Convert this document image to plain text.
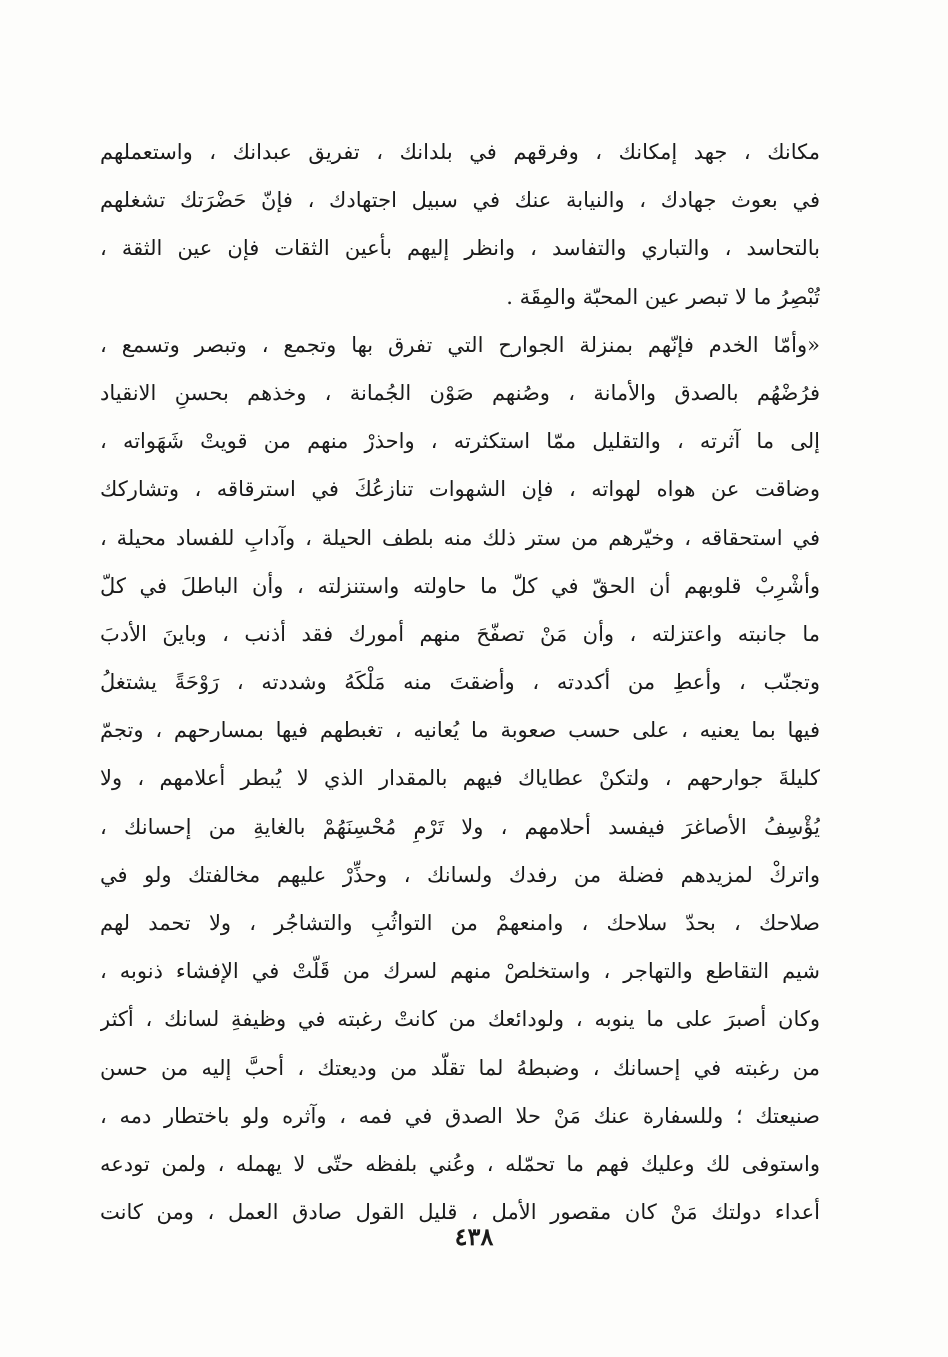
مكانك ، جهد إمكانك ، وفرقهم في بلدانك ، تفريق عبدانك ، واستعملهم
في بعوث جهادك ، والنيابة عنك في سبيل اجتهادك ، فإنّ حَضْرَتك تشغلهم
بالتحاسد ، والتباري والتفاسد ، وانظر إليهم بأعين الثقات فإن عين الثقة ،
تُبْصِرُ ما لا تبصر عين المحبّة والمِقَة .
«وأمّا الخدم فإنّهم بمنزلة الجوارح التي تفرق بها وتجمع ، وتبصر وتسمع ،
فرُضْهُم بالصدق والأمانة ، وصُنهم صَوْن الجُمانة ، وخذهم بحسنِ الانقياد
إلى ما آثرته ، والتقليل ممّا استكثرته ، واحذرْ منهم من قويتْ شَهَواته ،
وضاقت عن هواه لهواته ، فإن الشهوات تنازعُكَ في استرقاقه ، وتشاركك
في استحقاقه ، وخيّرهم من ستر ذلك منه بلطف الحيلة ، وآدابِ للفساد محيلة ،
وأشْرِبْ قلوبهم أن الحقّ في كلّ ما حاولته واستنزلته ، وأن الباطلَ في كلّ
ما جانبته واعتزلته ، وأن مَنْ تصفّحَ منهم أمورك فقد أذنب ، وباينَ الأدبَ
وتجنّب ، وأعطِ من أكددته ، وأضقتَ منه مَلْكَهُ وشددته ، رَوْحَةً يشتغلُ
فيها بما يعنيه ، على حسب صعوبة ما يُعانيه ، تغبطهم فيها بمسارحهم ، وتجمّ
كليلةَ جوارحهم ، ولتكنْ عطاياك فيهم بالمقدار الذي لا يُبطر أعلامهم ، ولا
يُؤْسِفُ الأصاغرَ فيفسد أحلامهم ، ولا تَرْمِ مُحْسِنَهُمْ بالغايةِ من إحسانك ،
واتركْ لمزيدهم فضلة من رفدك ولسانك ، وحذِّرْ عليهم مخالفتك ولو في
صلاحك ، بحدّ سلاحك ، وامنعهمْ من التواثُبِ والتشاجُر ، ولا تحمد لهم
شيم التقاطع والتهاجر ، واستخلصْ منهم لسرك من قَلّتْ في الإفشاء ذنوبه ،
وكان أصبرَ على ما ينوبه ، ولودائعك من كانتْ رغبته في وظيفةِ لسانك ، أكثر
من رغبته في إحسانك ، وضبطهُ لما تقلّد من وديعتك ، أحبَّ إليه من حسن
صنيعتك ؛ وللسفارة عنك مَنْ حلا الصدق في فمه ، وآثره ولو باختطار دمه ،
واستوفى لك وعليك فهم ما تحمّله ، وعُني بلفظه حتّى لا يهمله ، ولمن تودعه
أعداء دولتك مَنْ كان مقصور الأمل ، قليل القول صادق العمل ، ومن كانت
٤٣٨
